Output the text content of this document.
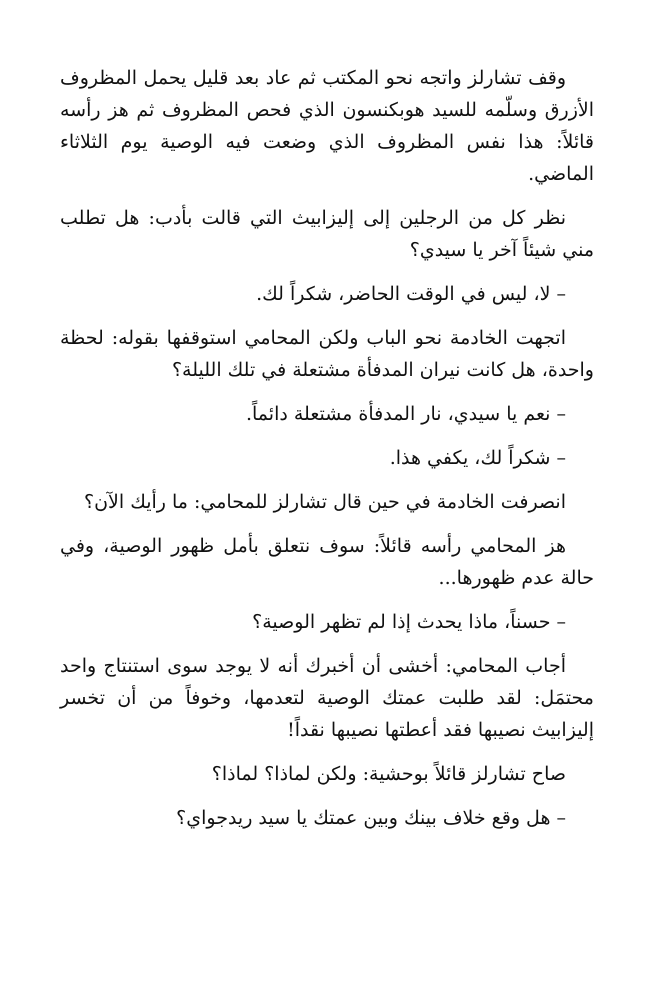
وقف تشارلز واتجه نحو المكتب ثم عاد بعد قليل يحمل المظروف الأزرق وسلّمه للسيد هوبكنسون الذي فحص المظروف ثم هز رأسه قائلاً: هذا نفس المظروف الذي وضعت فيه الوصية يوم الثلاثاء الماضي.

نظر كل من الرجلين إلى إليزابيث التي قالت بأدب: هل تطلب مني شيئاً آخر يا سيدي؟

– لا، ليس في الوقت الحاضر، شكراً لك.

اتجهت الخادمة نحو الباب ولكن المحامي استوقفها بقوله: لحظة واحدة، هل كانت نيران المدفأة مشتعلة في تلك الليلة؟

– نعم يا سيدي، نار المدفأة مشتعلة دائماً.

– شكراً لك، يكفي هذا.

انصرفت الخادمة في حين قال تشارلز للمحامي: ما رأيك الآن؟

هز المحامي رأسه قائلاً: سوف نتعلق بأمل ظهور الوصية، وفي حالة عدم ظهورها...

– حسناً، ماذا يحدث إذا لم تظهر الوصية؟

أجاب المحامي: أخشى أن أخبرك أنه لا يوجد سوى استنتاج واحد محتمَل: لقد طلبت عمتك الوصية لتعدمها، وخوفاً من أن تخسر إليزابيث نصيبها فقد أعطتها نصيبها نقداً!

صاح تشارلز قائلاً بوحشية: ولكن لماذا؟ لماذا؟

– هل وقع خلاف بينك وبين عمتك يا سيد ريدجواي؟
